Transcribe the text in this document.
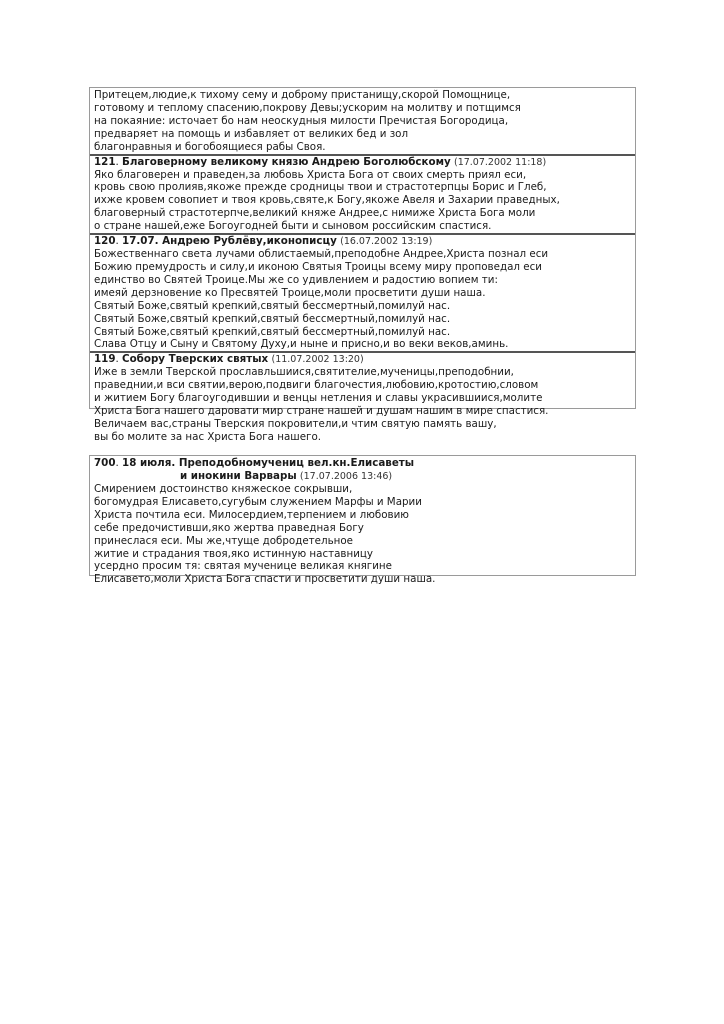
Притецем,людие,к тихому сему и доброму пристанищу,скорой Помощнице,
готовому и теплому спасению,покрову Девы;ускорим на молитву и потщимся
на покаяние: источает бо нам неоскудныя милости Пречистая Богородица,
предваряет на помощь и избавляет от великих бед и зол
благонравныя и богобоящиеся рабы Своя.
121. Благоверному великому князю Андрею Боголюбскому (17.07.2002 11:18)
Яко благоверен и праведен,за любовь Христа Бога от своих смерть приял еси,
кровь свою пролияв,якоже прежде сродницы твои и страстотерпцы Борис и Глеб,
ихже кровем совопиет и твоя кровь,святе,к Богу,якоже Авеля и Захарии праведных,
благоверный страстотерпче,великий княже Андрее,с нимиже Христа Бога моли
о стране нашей,еже Богоугодней быти и сыновом российским спастися.
120. 17.07. Андрею Рублёву,иконописцу (16.07.2002 13:19)
Божественнаго света лучами облистаемый,преподобне Андрее,Христа познал еси
Божию премудрость и силу,и иконою Святыя Троицы всему миру проповедал еси
единство во Святей Троице.Мы же со удивлением и радостию вопием ти:
имеяй дерзновение ко Пресвятей Троице,моли просветити души наша.
Святый Боже,святый крепкий,святый бессмертный,помилуй нас.
Святый Боже,святый крепкий,святый бессмертный,помилуй нас.
Святый Боже,святый крепкий,святый бессмертный,помилуй нас.
Слава Отцу и Сыну и Святому Духу,и ныне и присно,и во веки веков,аминь.
119. Собору Тверских святых (11.07.2002 13:20)
Иже в земли Тверской прославльшиися,святителие,мученицы,преподобнии,
праведнии,и вси святии,верою,подвиги благочестия,любовию,кротостию,словом
и житием Богу благоугодившии и венцы нетления и славы украсившиися,молите
Христа Бога нашего даровати мир стране нашей и душам нашим в мире спастися.
Величаем вас,страны Тверския покровители,и чтим святую память вашу,
вы бо молите за нас Христа Бога нашего.
700. 18 июля. Преподобномучениц вел.кн.Елисаветы
и инокини Варвары (17.07.2006 13:46)
Смирением достоинство княжеское сокрывши,
богомудрая Елисавето,сугубым служением Марфы и Марии
Христа почтила еси. Милосердием,терпением и любовию
себе предочистивши,яко жертва праведная Богу
принеслася еси. Мы же,чтуще добродетельное
житие и страдания твоя,яко истинную наставницу
усердно просим тя: святая мученице великая княгине
Елисавето,моли Христа Бога спасти и просветити души наша.
